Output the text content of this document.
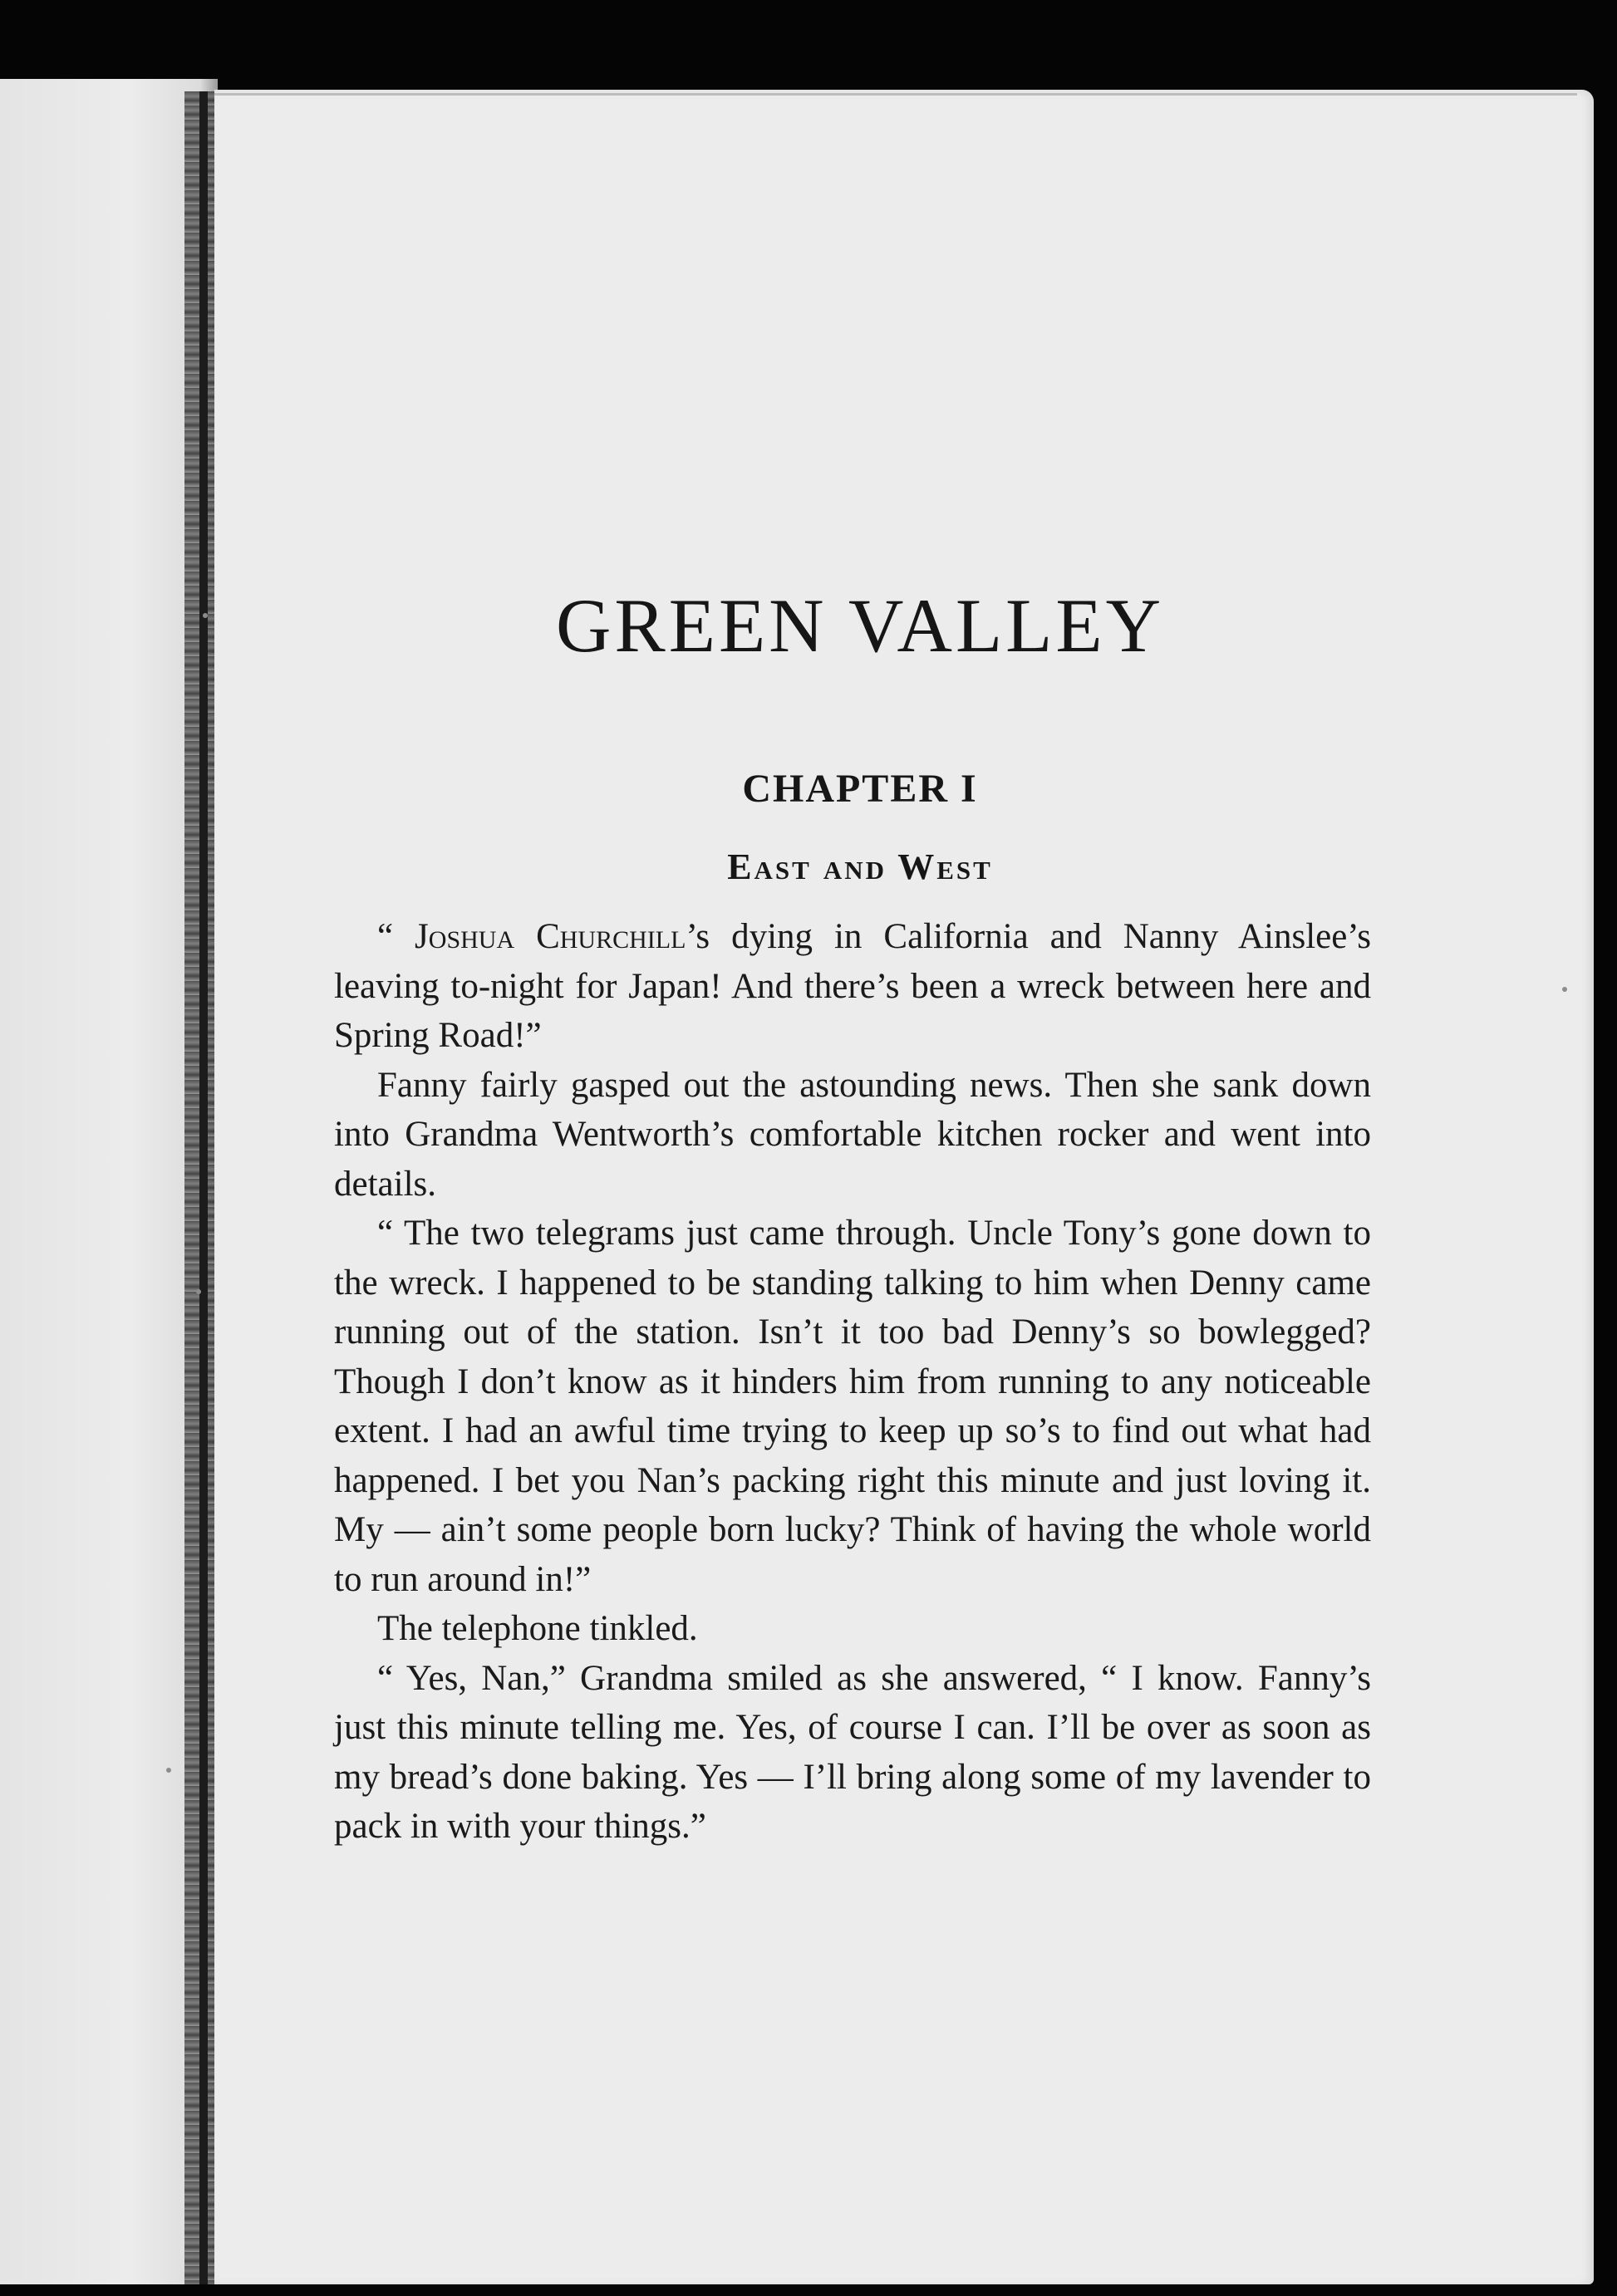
GREEN VALLEY
CHAPTER I
East and West

“ Joshua Churchill’s dying in California and Nanny Ainslee’s leaving to-night for Japan! And there’s been a wreck between here and Spring Road!”

Fanny fairly gasped out the astounding news. Then she sank down into Grandma Wentworth’s comfortable kitchen rocker and went into details.

“ The two telegrams just came through. Uncle Tony’s gone down to the wreck. I happened to be standing talking to him when Denny came running out of the station. Isn’t it too bad Denny’s so bowlegged? Though I don’t know as it hinders him from running to any noticeable extent. I had an awful time trying to keep up so’s to find out what had happened. I bet you Nan’s packing right this minute and just loving it. My — ain’t some people born lucky? Think of having the whole world to run around in!”

The telephone tinkled.

“ Yes, Nan,” Grandma smiled as she answered, “ I know. Fanny’s just this minute telling me. Yes, of course I can. I’ll be over as soon as my bread’s done baking. Yes — I’ll bring along some of my lavender to pack in with your things.”
